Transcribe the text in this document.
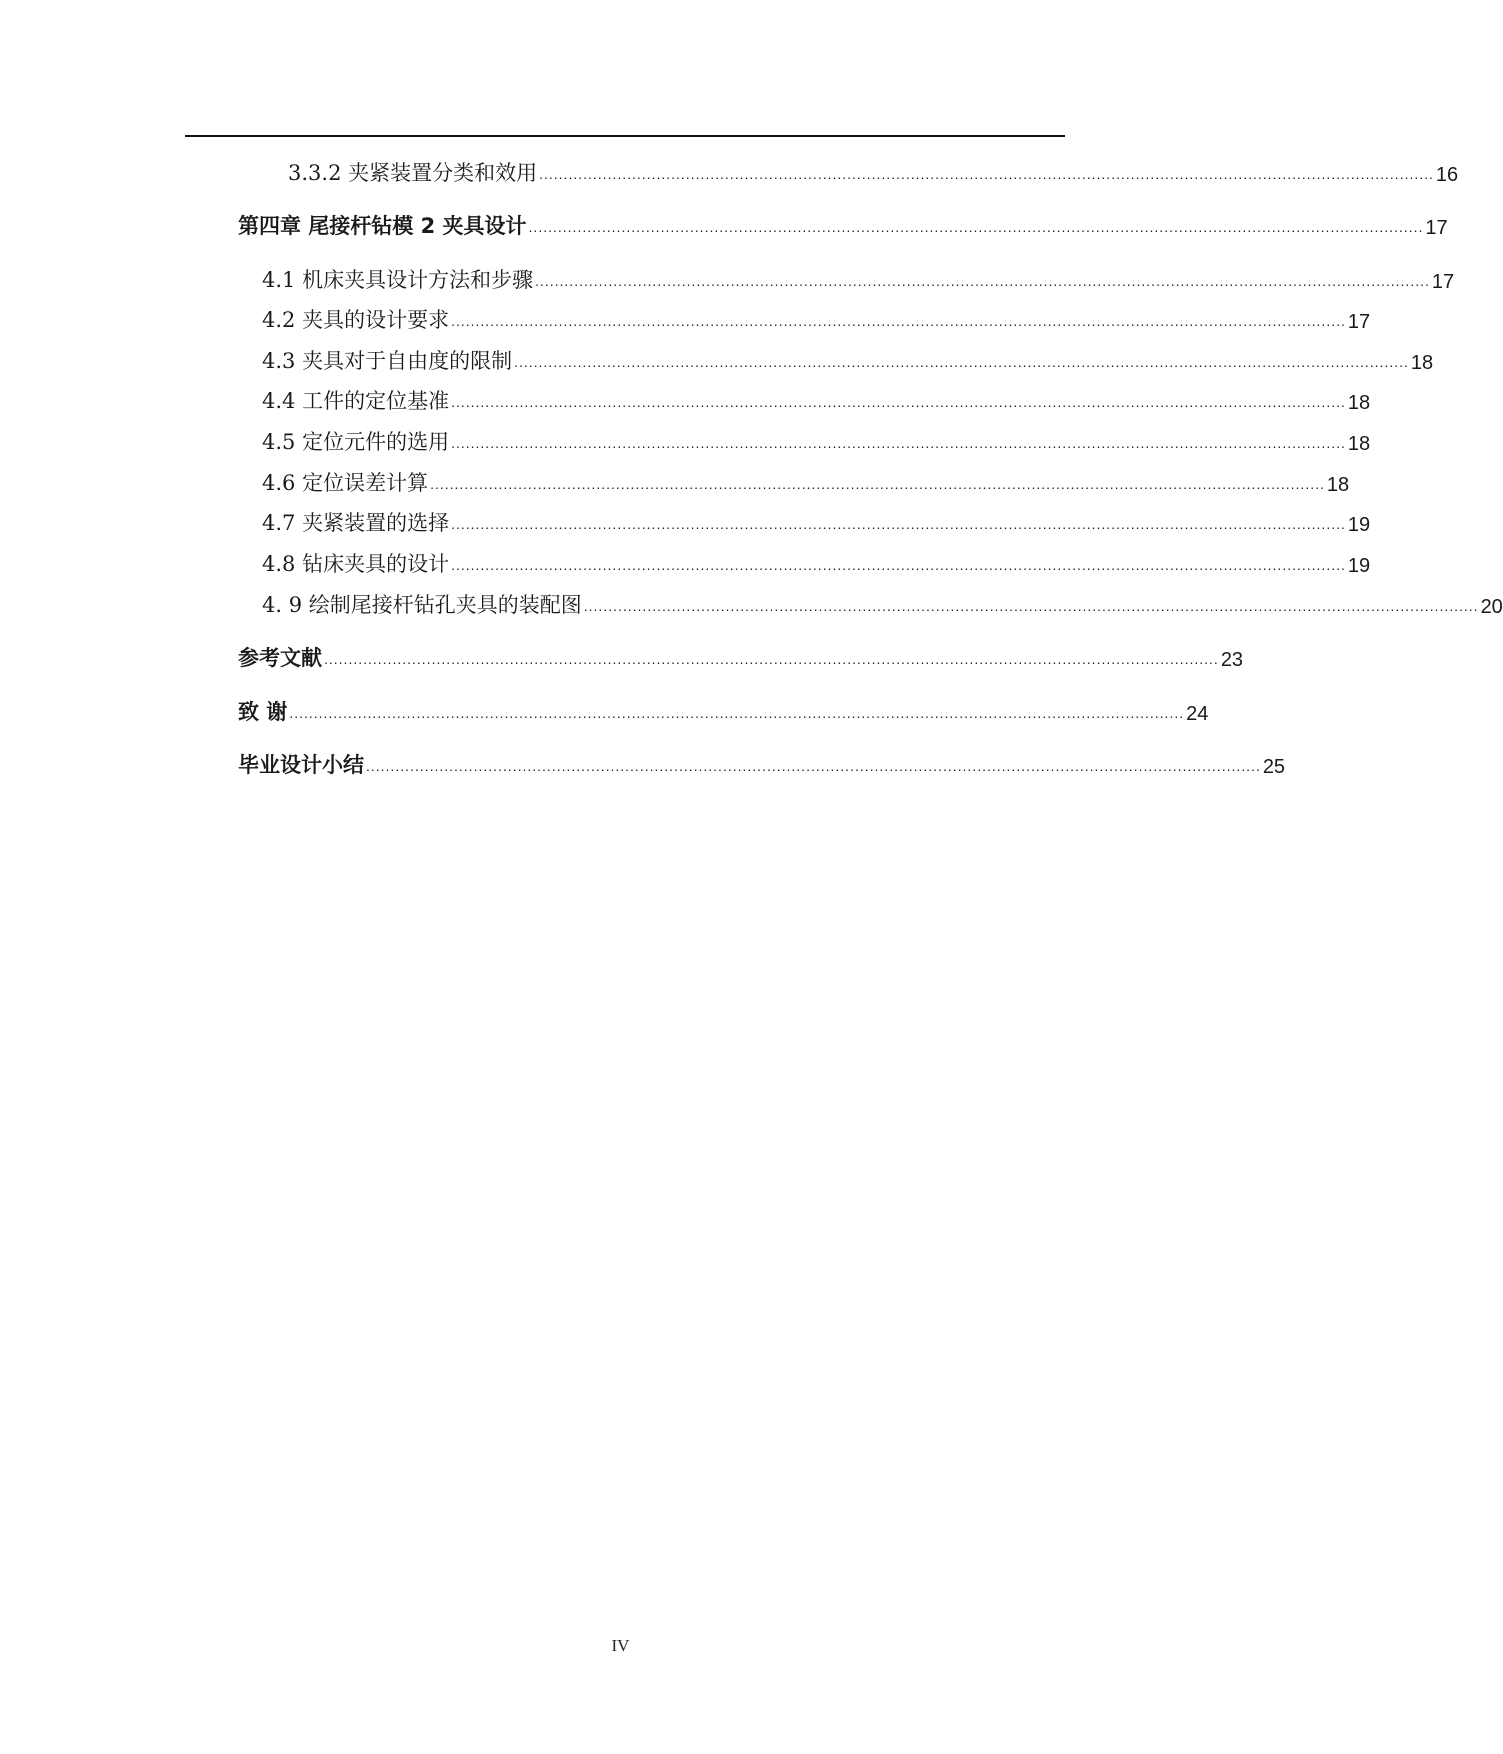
3.3.2 夹紧装置分类和效用 ....................................................................................................................................................................................... 16
第四章 尾接杆钻模 2 夹具设计 ....................................................................................................................................................................................... 17
4.1 机床夹具设计方法和步骤 ....................................................................................................................................................................................... 17
4.2 夹具的设计要求 ....................................................................................................................................................................................... 17
4.3 夹具对于自由度的限制 ....................................................................................................................................................................................... 18
4.4 工件的定位基准 ....................................................................................................................................................................................... 18
4.5 定位元件的选用 ....................................................................................................................................................................................... 18
4.6 定位误差计算 ....................................................................................................................................................................................... 18
4.7 夹紧装置的选择 ....................................................................................................................................................................................... 19
4.8 钻床夹具的设计 ....................................................................................................................................................................................... 19
4. 9 绘制尾接杆钻孔夹具的装配图 ....................................................................................................................................................................................... 20
参考文献 ....................................................................................................................................................................................... 23
致 谢 ....................................................................................................................................................................................... 24
毕业设计小结 ....................................................................................................................................................................................... 25
IV
